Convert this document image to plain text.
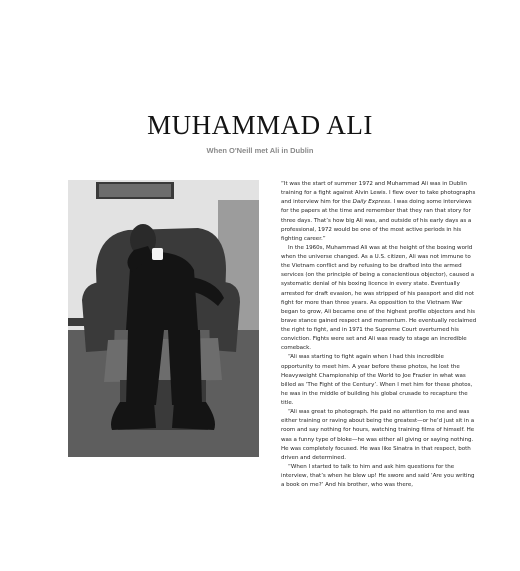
MUHAMMAD ALI
When O'Neill met Ali in Dublin

“It was the start of summer 1972 and Muhammad Ali was in Dublin training for a fight against Alvin Lewis. I flew over to take photographs and interview him for the Daily Express. I was doing some interviews for the papers at the time and remember that they ran that story for three days. That’s how big Ali was, and outside of his early days as a professional, 1972 would be one of the most active periods in his fighting career.”

In the 1960s, Muhammad Ali was at the height of the boxing world when the universe changed. As a U.S. citizen, Ali was not immune to the Vietnam conflict and by refusing to be drafted into the armed services (on the principle of being a conscientious objector), caused a systematic denial of his boxing licence in every state. Eventually arrested for draft evasion, he was stripped of his passport and did not fight for more than three years. As opposition to the Vietnam War began to grow, Ali became one of the highest profile objectors and his brave stance gained respect and momentum. He eventually reclaimed the right to fight, and in 1971 the Supreme Court overturned his conviction. Fights were set and Ali was ready to stage an incredible comeback.

“Ali was starting to fight again when I had this incredible opportunity to meet him. A year before these photos, he lost the Heavyweight Championship of the World to Joe Frazier in what was billed as ‘The Fight of the Century’. When I met him for these photos, he was in the middle of building his global crusade to recapture the title.

“Ali was great to photograph. He paid no attention to me and was either training or raving about being the greatest—or he’d just sit in a room and say nothing for hours, watching training films of himself. He was a funny type of bloke—he was either all giving or saying nothing. He was completely focused. He was like Sinatra in that respect, both driven and determined.

“When I started to talk to him and ask him questions for the interview, that’s when he blew up! He swore and said ‘Are you writing a book on me?’ And his brother, who was there,
